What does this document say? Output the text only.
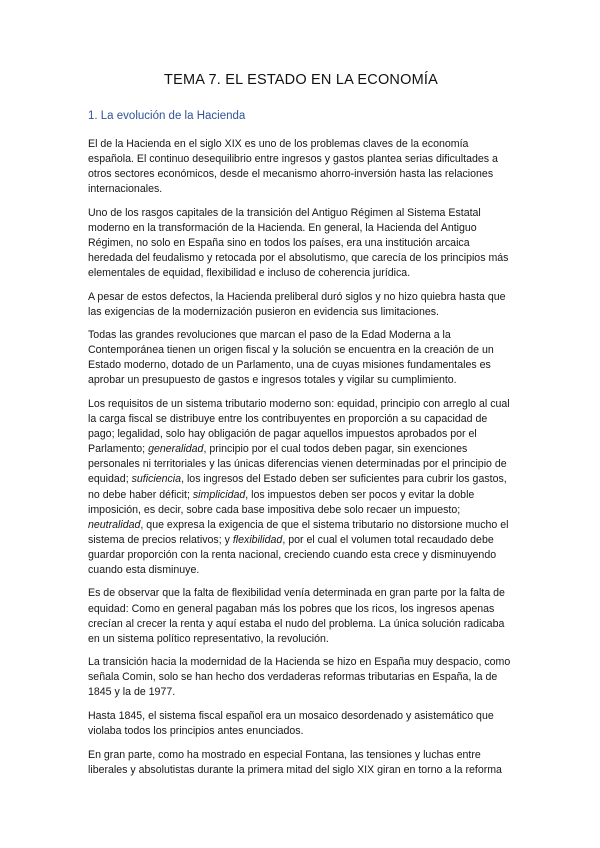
TEMA 7. EL ESTADO EN LA ECONOMÍA
1. La evolución de la Hacienda

El de la Hacienda en el siglo XIX es uno de los problemas claves de la economía española. El continuo desequilibrio entre ingresos y gastos plantea serias dificultades a otros sectores económicos, desde el mecanismo ahorro-inversión hasta las relaciones internacionales.

Uno de los rasgos capitales de la transición del Antiguo Régimen al Sistema Estatal moderno en la transformación de la Hacienda. En general, la Hacienda del Antiguo Régimen, no solo en España sino en todos los países, era una institución arcaica heredada del feudalismo y retocada por el absolutismo, que carecía de los principios más elementales de equidad, flexibilidad e incluso de coherencia jurídica.

A pesar de estos defectos, la Hacienda preliberal duró siglos y no hizo quiebra hasta que las exigencias de la modernización pusieron en evidencia sus limitaciones.

Todas las grandes revoluciones que marcan el paso de la Edad Moderna a la Contemporánea tienen un origen fiscal y la solución se encuentra en la creación de un Estado moderno, dotado de un Parlamento, una de cuyas misiones fundamentales es aprobar un presupuesto de gastos e ingresos totales y vigilar su cumplimiento.

Los requisitos de un sistema tributario moderno son: equidad, principio con arreglo al cual la carga fiscal se distribuye entre los contribuyentes en proporción a su capacidad de pago; legalidad, solo hay obligación de pagar aquellos impuestos aprobados por el Parlamento; generalidad, principio por el cual todos deben pagar, sin exenciones personales ni territoriales y las únicas diferencias vienen determinadas por el principio de equidad; suficiencia, los ingresos del Estado deben ser suficientes para cubrir los gastos, no debe haber déficit; simplicidad, los impuestos deben ser pocos y evitar la doble imposición, es decir, sobre cada base impositiva debe solo recaer un impuesto; neutralidad, que expresa la exigencia de que el sistema tributario no distorsione mucho el sistema de precios relativos; y flexibilidad, por el cual el volumen total recaudado debe guardar proporción con la renta nacional, creciendo cuando esta crece y disminuyendo cuando esta disminuye.

Es de observar que la falta de flexibilidad venía determinada en gran parte por la falta de equidad: Como en general pagaban más los pobres que los ricos, los ingresos apenas crecían al crecer la renta y aquí estaba el nudo del problema. La única solución radicaba en un sistema político representativo, la revolución.

La transición hacia la modernidad de la Hacienda se hizo en España muy despacio, como señala Comin, solo se han hecho dos verdaderas reformas tributarias en España, la de 1845 y la de 1977.

Hasta 1845, el sistema fiscal español era un mosaico desordenado y asistemático que violaba todos los principios antes enunciados.

En gran parte, como ha mostrado en especial Fontana, las tensiones y luchas entre liberales y absolutistas durante la primera mitad del siglo XIX giran en torno a la reforma
